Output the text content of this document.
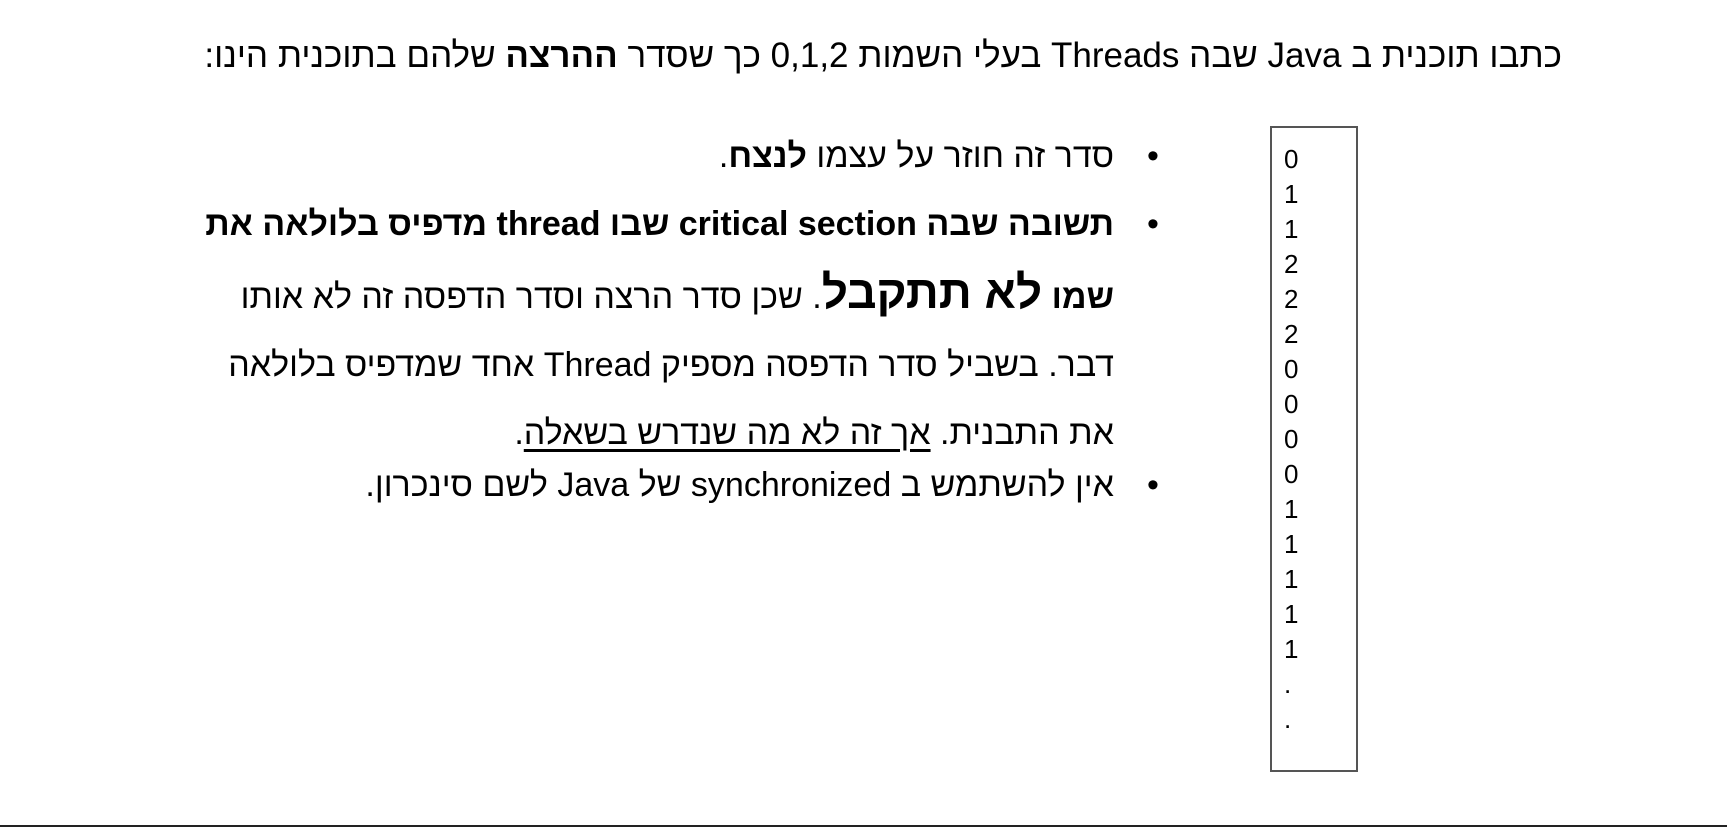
כתבו תוכנית ב Java שבה Threads בעלי השמות 0,1,2 כך שסדר ההרצה שלהם בתוכנית הינו:

•
סדר זה חוזר על עצמו לנצח.

•
תשובה שבה critical section שבו thread מדפיס בלולאה את שמו לא תתקבל. שכן סדר הרצה וסדר הדפסה זה לא אותו דבר. בשביל סדר הדפסה מספיק Thread אחד שמדפיס בלולאה את התבנית. אך זה לא מה שנדרש בשאלה.

•
אין להשתמש ב synchronized של Java לשם סינכרון.

0
1
1
2
2
2
0
0
0
0
1
1
1
1
1
.
.
